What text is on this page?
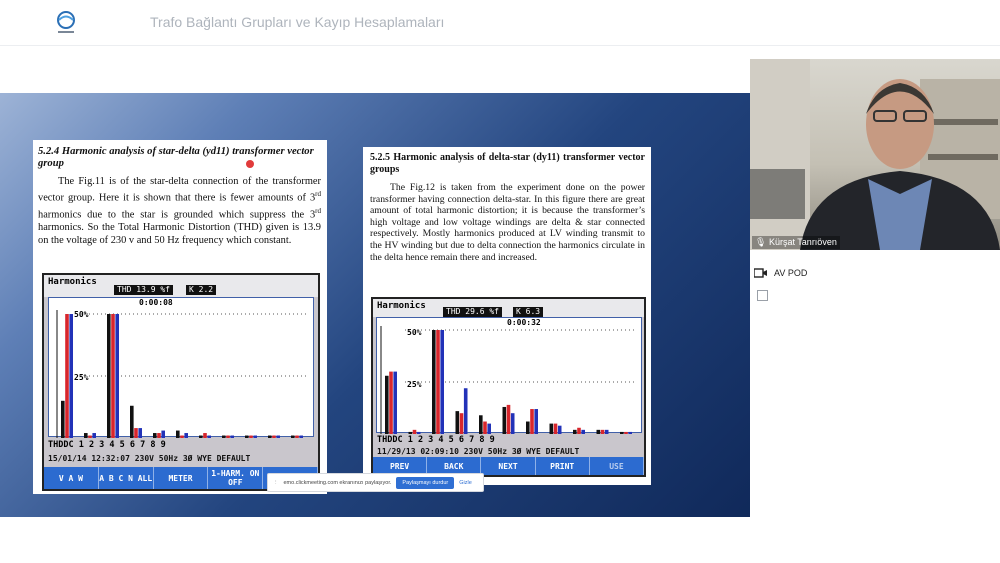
Trafo Bağlantı Grupları ve Kayıp Hesaplamaları
5.2.4 Harmonic analysis of star-delta (yd11) transformer vector group
The Fig.11 is of the star-delta connection of the transformer vector group. Here it is shown that there is fewer amounts of 3rd harmonics due to the star is grounded which suppress the 3rd harmonics. So the Total Harmonic Distortion (THD) given is 13.9 on the voltage of 230 v and 50 Hz frequency which constant.
Harmonics
THD 13.9 %f	K 2.2
0:00:08
50%
25%
THDDC 1 2 3 4 5 6 7 8 9
15/01/14 12:32:07 230V 50Hz 3Ø WYE DEFAULT
V A W	A B C N ALL	METER	1-HARM. ON OFF
5.2.5 Harmonic analysis of delta-star (dy11) transformer vector groups
The Fig.12 is taken from the experiment done on the power transformer having connection delta-star. In this figure there are great amount of total harmonic distortion; it is because the transformer’s high voltage and low voltage windings are delta & star connected respectively. Mostly harmonics produced at LV winding transmit to the HV winding but due to delta connection the harmonics circulate in the delta hence remain there and increased.
Harmonics
THD 29.6 %f	K 6.3
0:00:32
50%
25%
THDDC 1 2 3 4 5 6 7 8 9
11/29/13 02:09:10 230V 50Hz 3Ø WYE DEFAULT
PREV	BACK	NEXT	PRINT	USE
⋮ emo.clickmeeting.com ekranınızı paylaşıyor.	Paylaşmayı durdur	Gizle
🎙 Kürşat Tanrıöven
AV POD
